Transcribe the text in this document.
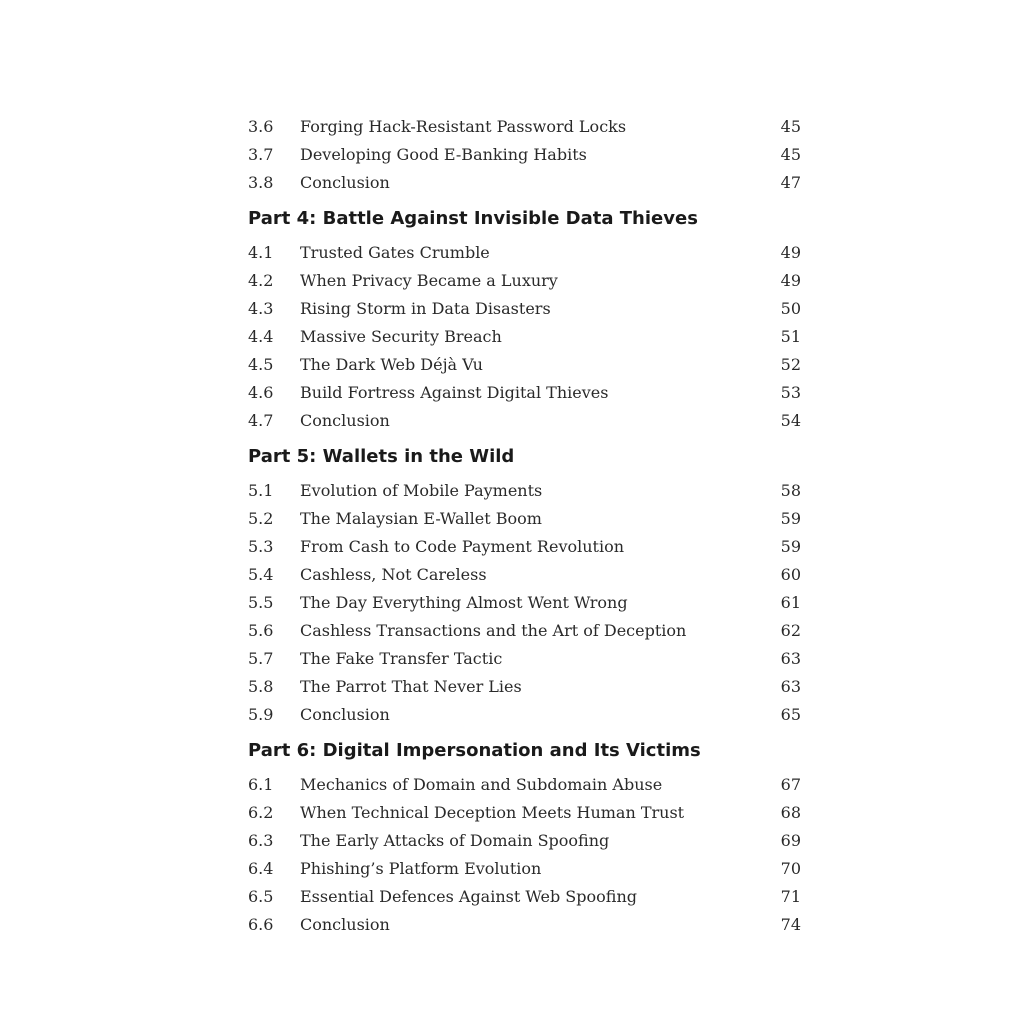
3.6	Forging Hack-Resistant Password Locks	45
3.7	Developing Good E-Banking Habits	45
3.8	Conclusion	47
Part 4: Battle Against Invisible Data Thieves
4.1	Trusted Gates Crumble	49
4.2	When Privacy Became a Luxury	49
4.3	Rising Storm in Data Disasters	50
4.4	Massive Security Breach	51
4.5	The Dark Web Déjà Vu	52
4.6	Build Fortress Against Digital Thieves	53
4.7	Conclusion	54
Part 5: Wallets in the Wild
5.1	Evolution of Mobile Payments	58
5.2	The Malaysian E-Wallet Boom	59
5.3	From Cash to Code Payment Revolution	59
5.4	Cashless, Not Careless	60
5.5	The Day Everything Almost Went Wrong	61
5.6	Cashless Transactions and the Art of Deception	62
5.7	The Fake Transfer Tactic	63
5.8	The Parrot That Never Lies	63
5.9	Conclusion	65
Part 6: Digital Impersonation and Its Victims
6.1	Mechanics of Domain and Subdomain Abuse	67
6.2	When Technical Deception Meets Human Trust	68
6.3	The Early Attacks of Domain Spoofing	69
6.4	Phishing’s Platform Evolution	70
6.5	Essential Defences Against Web Spoofing	71
6.6	Conclusion	74
